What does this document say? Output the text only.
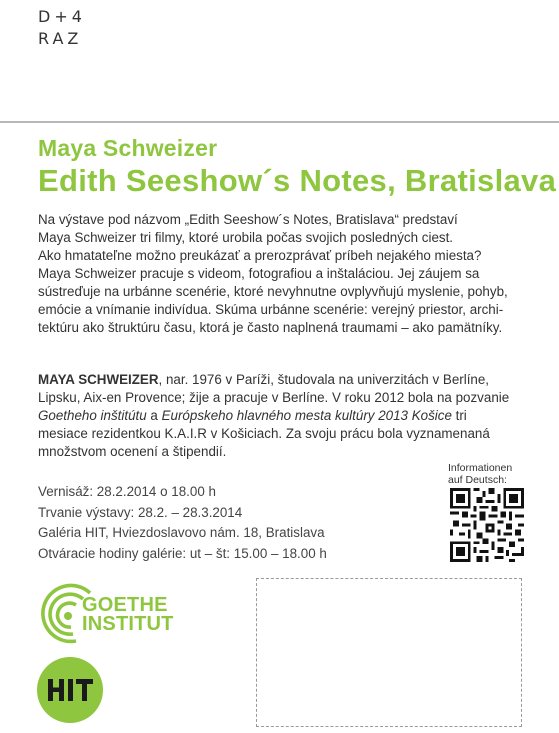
D+4
RAZ
Maya Schweizer
Edith Seeshow´s Notes, Bratislava
Na výstave pod názvom „Edith Seeshow´s Notes, Bratislava“ predstaví
Maya Schweizer tri filmy, ktoré urobila počas svojich posledných ciest.
Ako hmatateľne možno preukázať a prerozprávať príbeh nejakého miesta?
Maya Schweizer pracuje s videom, fotografiou a inštaláciou. Jej záujem sa
sústreďuje na urbánne scenérie, ktoré nevyhnutne ovplyvňujú myslenie, pohyb,
emócie a vnímanie indivídua. Skúma urbánne scenérie: verejný priestor, archi-
tektúru ako štruktúru času, ktorá je často naplnená traumami – ako pamätníky.
MAYA SCHWEIZER, nar. 1976 v Paríži, študovala na univerzitách v Berlíne,
Lipsku, Aix-en Provence; žije a pracuje v Berlíne. V roku 2012 bola na pozvanie
Goetheho inštitútu a Európskeho hlavného mesta kultúry 2013 Košice tri
mesiace rezidentkou K.A.I.R v Košiciach. Za svoju prácu bola vyznamenaná
množstvom ocenení a štipendií.
Informationen
auf Deutsch:
Vernisáž: 28.2.2014 o 18.00 h
Trvanie výstavy: 28.2. – 28.3.2014
Galéria HIT, Hviezdoslavovo nám. 18, Bratislava
Otváracie hodiny galérie: ut – št: 15.00 – 18.00 h
GOETHE
INSTITUT
